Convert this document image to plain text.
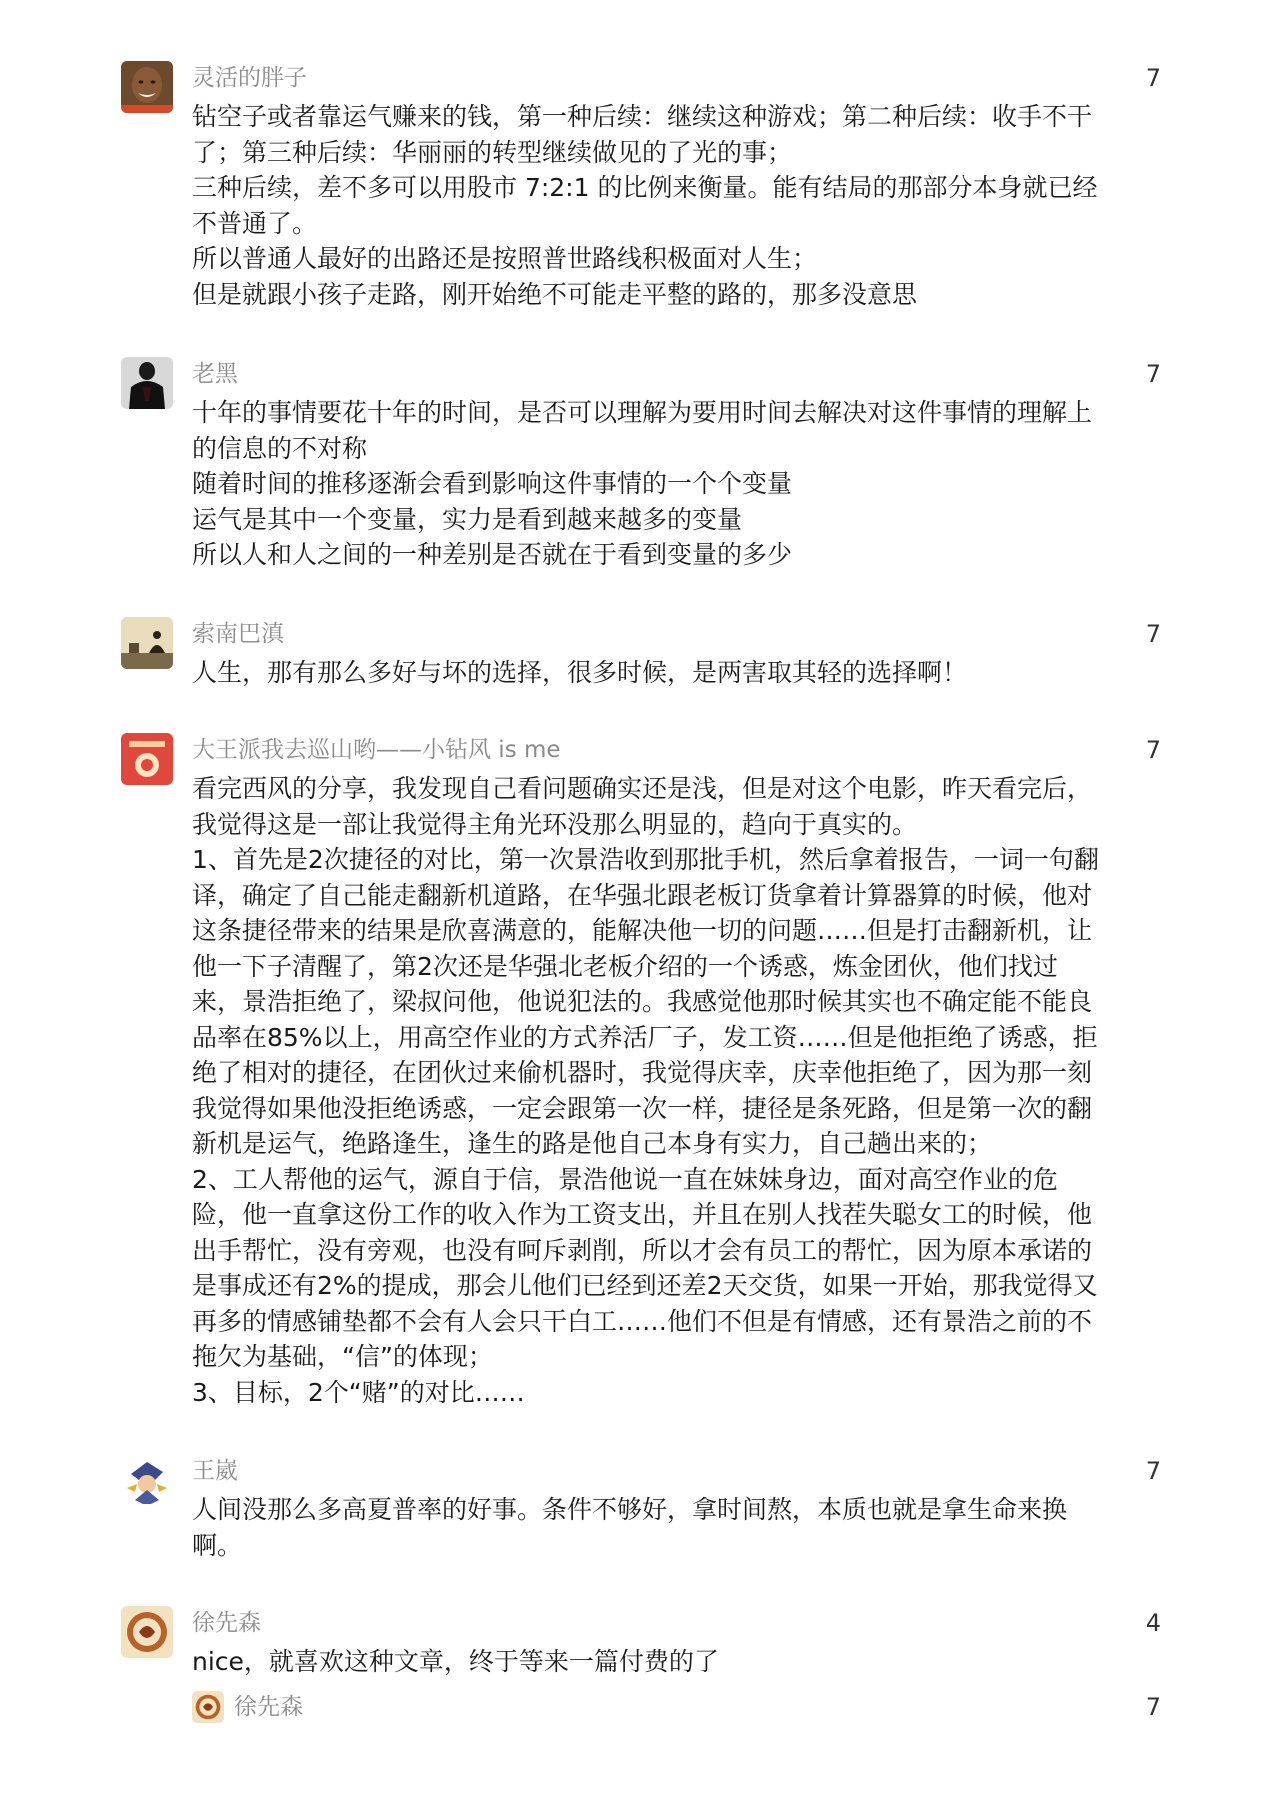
灵活的胖子	7

钻空子或者靠运气赚来的钱，第一种后续：继续这种游戏；第二种后续：收手不干

了；第三种后续：华丽丽的转型继续做见的了光的事；

三种后续，差不多可以用股市 7:2:1 的比例来衡量。能有结局的那部分本身就已经

不普通了。

所以普通人最好的出路还是按照普世路线积极面对人生；

但是就跟小孩子走路，刚开始绝不可能走平整的路的，那多没意思

老黑	7

十年的事情要花十年的时间，是否可以理解为要用时间去解决对这件事情的理解上

的信息的不对称

随着时间的推移逐渐会看到影响这件事情的一个个变量

运气是其中一个变量，实力是看到越来越多的变量

所以人和人之间的一种差别是否就在于看到变量的多少

索南巴滇	7

人生，那有那么多好与坏的选择，很多时候，是两害取其轻的选择啊！

大王派我去巡山哟——小钻风 is me	7

看完西风的分享，我发现自己看问题确实还是浅，但是对这个电影，昨天看完后，

我觉得这是一部让我觉得主角光环没那么明显的，趋向于真实的。

1、首先是2次捷径的对比，第一次景浩收到那批手机，然后拿着报告，一词一句翻

译，确定了自己能走翻新机道路，在华强北跟老板订货拿着计算器算的时候，他对

这条捷径带来的结果是欣喜满意的，能解决他一切的问题……但是打击翻新机，让

他一下子清醒了，第2次还是华强北老板介绍的一个诱惑，炼金团伙，他们找过

来，景浩拒绝了，梁叔问他，他说犯法的。我感觉他那时候其实也不确定能不能良

品率在85%以上，用高空作业的方式养活厂子，发工资……但是他拒绝了诱惑，拒

绝了相对的捷径，在团伙过来偷机器时，我觉得庆幸，庆幸他拒绝了，因为那一刻

我觉得如果他没拒绝诱惑，一定会跟第一次一样，捷径是条死路，但是第一次的翻

新机是运气，绝路逢生，逢生的路是他自己本身有实力，自己趟出来的；

2、工人帮他的运气，源自于信，景浩他说一直在妹妹身边，面对高空作业的危

险，他一直拿这份工作的收入作为工资支出，并且在别人找茬失聪女工的时候，他

出手帮忙，没有旁观，也没有呵斥剥削，所以才会有员工的帮忙，因为原本承诺的

是事成还有2%的提成，那会儿他们已经到还差2天交货，如果一开始，那我觉得又

再多的情感铺垫都不会有人会只干白工……他们不但是有情感，还有景浩之前的不

拖欠为基础，“信”的体现；

3、目标，2个“赌”的对比……

王崴	7

人间没那么多高夏普率的好事。条件不够好，拿时间熬，本质也就是拿生命来换

啊。

徐先森	4

nice，就喜欢这种文章，终于等来一篇付费的了

徐先森	7
